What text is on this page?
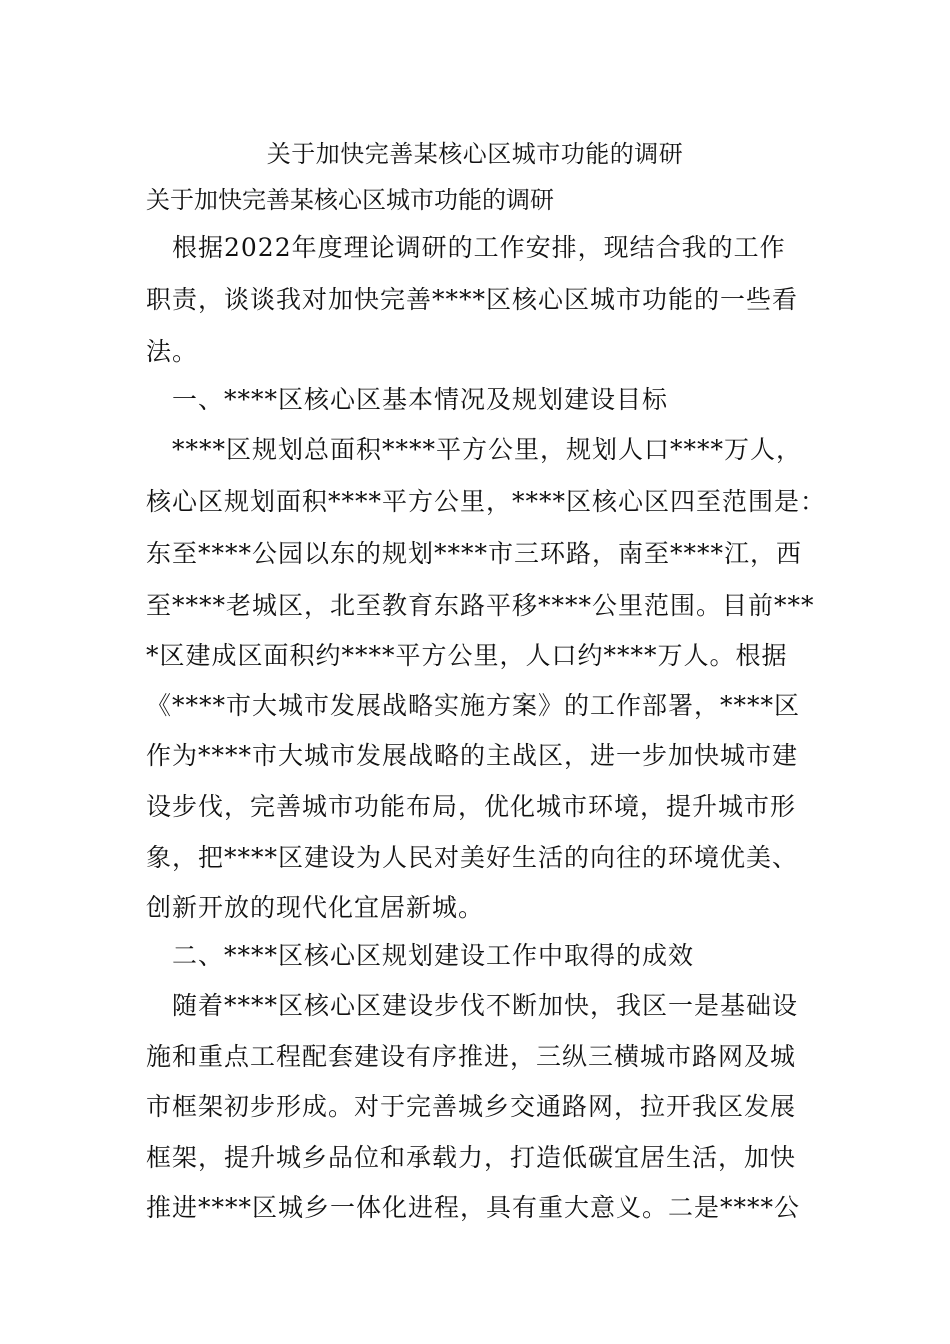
关于加快完善某核心区城市功能的调研
关于加快完善某核心区城市功能的调研
　根据2022年度理论调研的工作安排，现结合我的工作
职责，谈谈我对加快完善****区核心区城市功能的一些看
法。
　一、****区核心区基本情况及规划建设目标
　****区规划总面积****平方公里，规划人口****万人，
核心区规划面积****平方公里，****区核心区四至范围是：
东至****公园以东的规划****市三环路，南至****江，西
至****老城区，北至教育东路平移****公里范围。目前***
*区建成区面积约****平方公里，人口约****万人。根据
《****市大城市发展战略实施方案》的工作部署，****区
作为****市大城市发展战略的主战区，进一步加快城市建
设步伐，完善城市功能布局，优化城市环境，提升城市形
象，把****区建设为人民对美好生活的向往的环境优美、
创新开放的现代化宜居新城。
　二、****区核心区规划建设工作中取得的成效
　随着****区核心区建设步伐不断加快，我区一是基础设
施和重点工程配套建设有序推进，三纵三横城市路网及城
市框架初步形成。对于完善城乡交通路网，拉开我区发展
框架，提升城乡品位和承载力，打造低碳宜居生活，加快
推进****区城乡一体化进程，具有重大意义。二是****公
